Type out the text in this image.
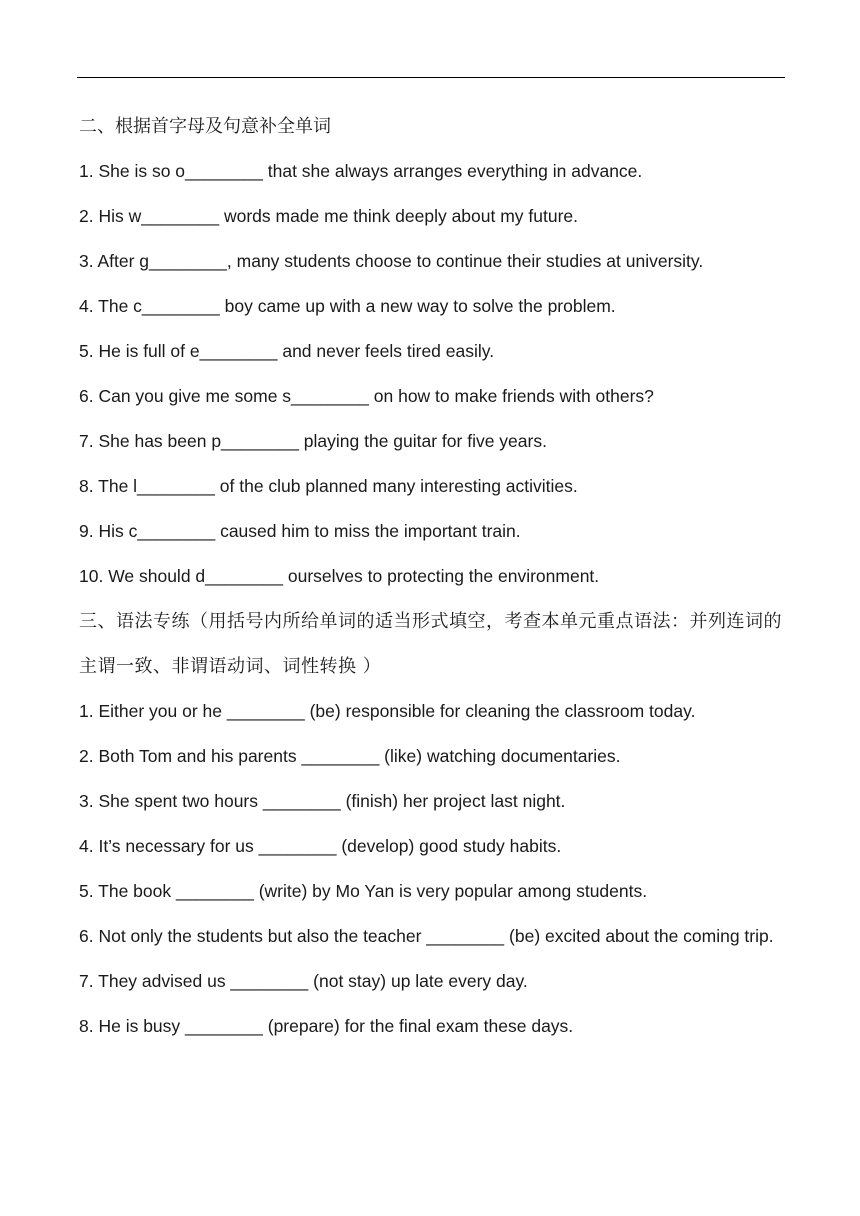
二、根据首字母及句意补全单词
1. She is so o________ that she always arranges everything in advance.
2. His w________ words made me think deeply about my future.
3. After g________, many students choose to continue their studies at university.
4. The c________ boy came up with a new way to solve the problem.
5. He is full of e________ and never feels tired easily.
6. Can you give me some s________ on how to make friends with others?
7. She has been p________ playing the guitar for five years.
8. The l________ of the club planned many interesting activities.
9. His c________ caused him to miss the important train.
10. We should d________ ourselves to protecting the environment.
三、语法专练（用括号内所给单词的适当形式填空，考查本单元重点语法：并列连词的主谓一致、非谓语动词、词性转换 ）
1. Either you or he ________ (be) responsible for cleaning the classroom today.
2. Both Tom and his parents ________ (like) watching documentaries.
3. She spent two hours ________ (finish) her project last night.
4. It’s necessary for us ________ (develop) good study habits.
5. The book ________ (write) by Mo Yan is very popular among students.
6. Not only the students but also the teacher ________ (be) excited about the coming trip.
7. They advised us ________ (not stay) up late every day.
8. He is busy ________ (prepare) for the final exam these days.
